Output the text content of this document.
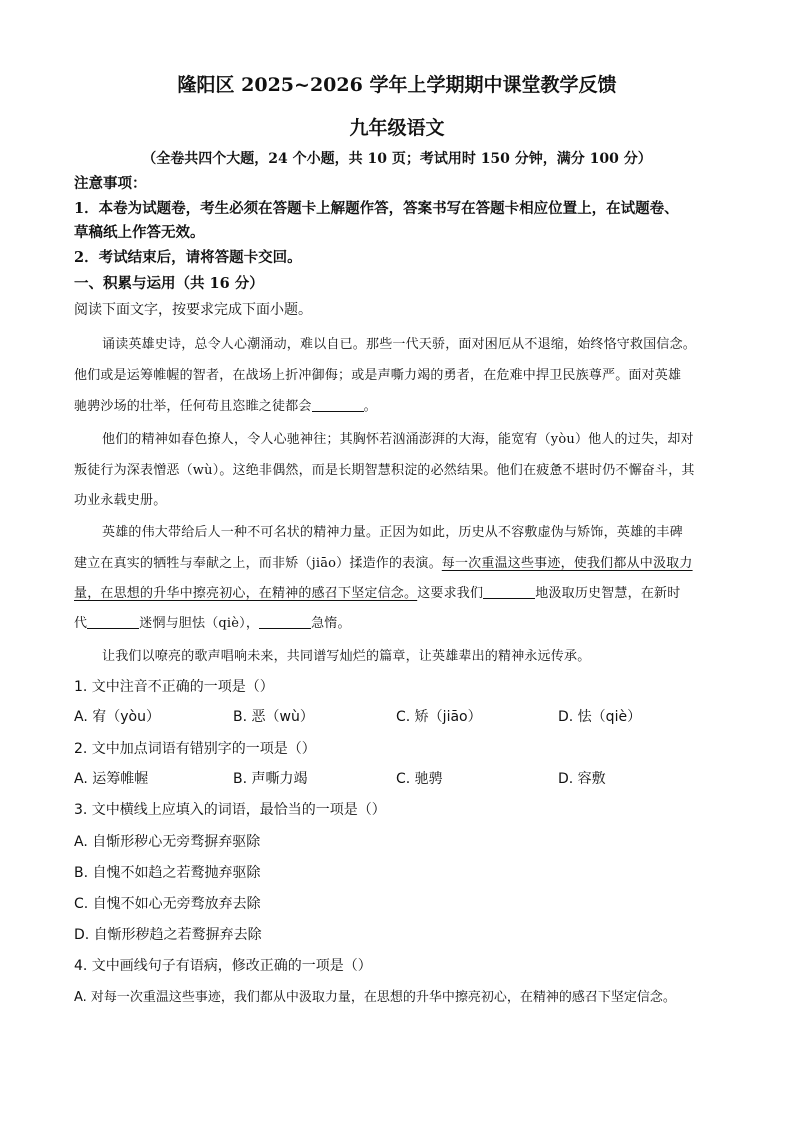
隆阳区 2025~2026 学年上学期期中课堂教学反馈
九年级语文
（全卷共四个大题，24 个小题，共 10 页；考试用时 150 分钟，满分 100 分）
注意事项：
1．本卷为试题卷，考生必须在答题卡上解题作答，答案书写在答题卡相应位置上，在试题卷、
草稿纸上作答无效。
2．考试结束后，请将答题卡交回。
一、积累与运用（共 16 分）
阅读下面文字，按要求完成下面小题。
诵读英雄史诗，总令人心潮涌动，难以自已。那些一代天骄，面对困厄从不退缩，始终恪守救国信念。
他们或是运筹帷幄的智者，在战场上折冲御侮；或是声嘶力竭的勇者，在危难中捍卫民族尊严。面对英雄
驰骋沙场的壮举，任何苟且恣睢之徒都会	。
他们的精神如春色撩人，令人心驰神往；其胸怀若汹涌澎湃的大海，能宽宥（yòu）他人的过失，却对
叛徒行为深表憎恶（wù）。这绝非偶然，而是长期智慧积淀的必然结果。他们在疲惫不堪时仍不懈奋斗，其
功业永载史册。
英雄的伟大带给后人一种不可名状的精神力量。正因为如此，历史从不容敷虚伪与矫饰，英雄的丰碑
建立在真实的牺牲与奉献之上，而非矫（jiāo）揉造作的表演。每一次重温这些事迹，使我们都从中汲取力
量，在思想的升华中擦亮初心，在精神的感召下坚定信念。这要求我们	地汲取历史智慧，在新时
代	迷惘与胆怯（qiè），	急惰。
让我们以嘹亮的歌声唱响未来，共同谱写灿烂的篇章，让英雄辈出的精神永远传承。
1. 文中注音不正确的一项是（）
A. 宥（yòu）	B. 恶（wù）	C. 矫（jiāo）	D. 怯（qiè）
2. 文中加点词语有错别字的一项是（）
A. 运筹帷幄	B. 声嘶力竭	C. 驰骋	D. 容敷
3. 文中横线上应填入的词语，最恰当的一项是（）
A. 自惭形秽心无旁骛摒弃驱除
B. 自愧不如趋之若鹜抛弃驱除
C. 自愧不如心无旁骛放弃去除
D. 自惭形秽趋之若鹜摒弃去除
4. 文中画线句子有语病，修改正确的一项是（）
A. 对每一次重温这些事迹，我们都从中汲取力量，在思想的升华中擦亮初心，在精神的感召下坚定信念。
